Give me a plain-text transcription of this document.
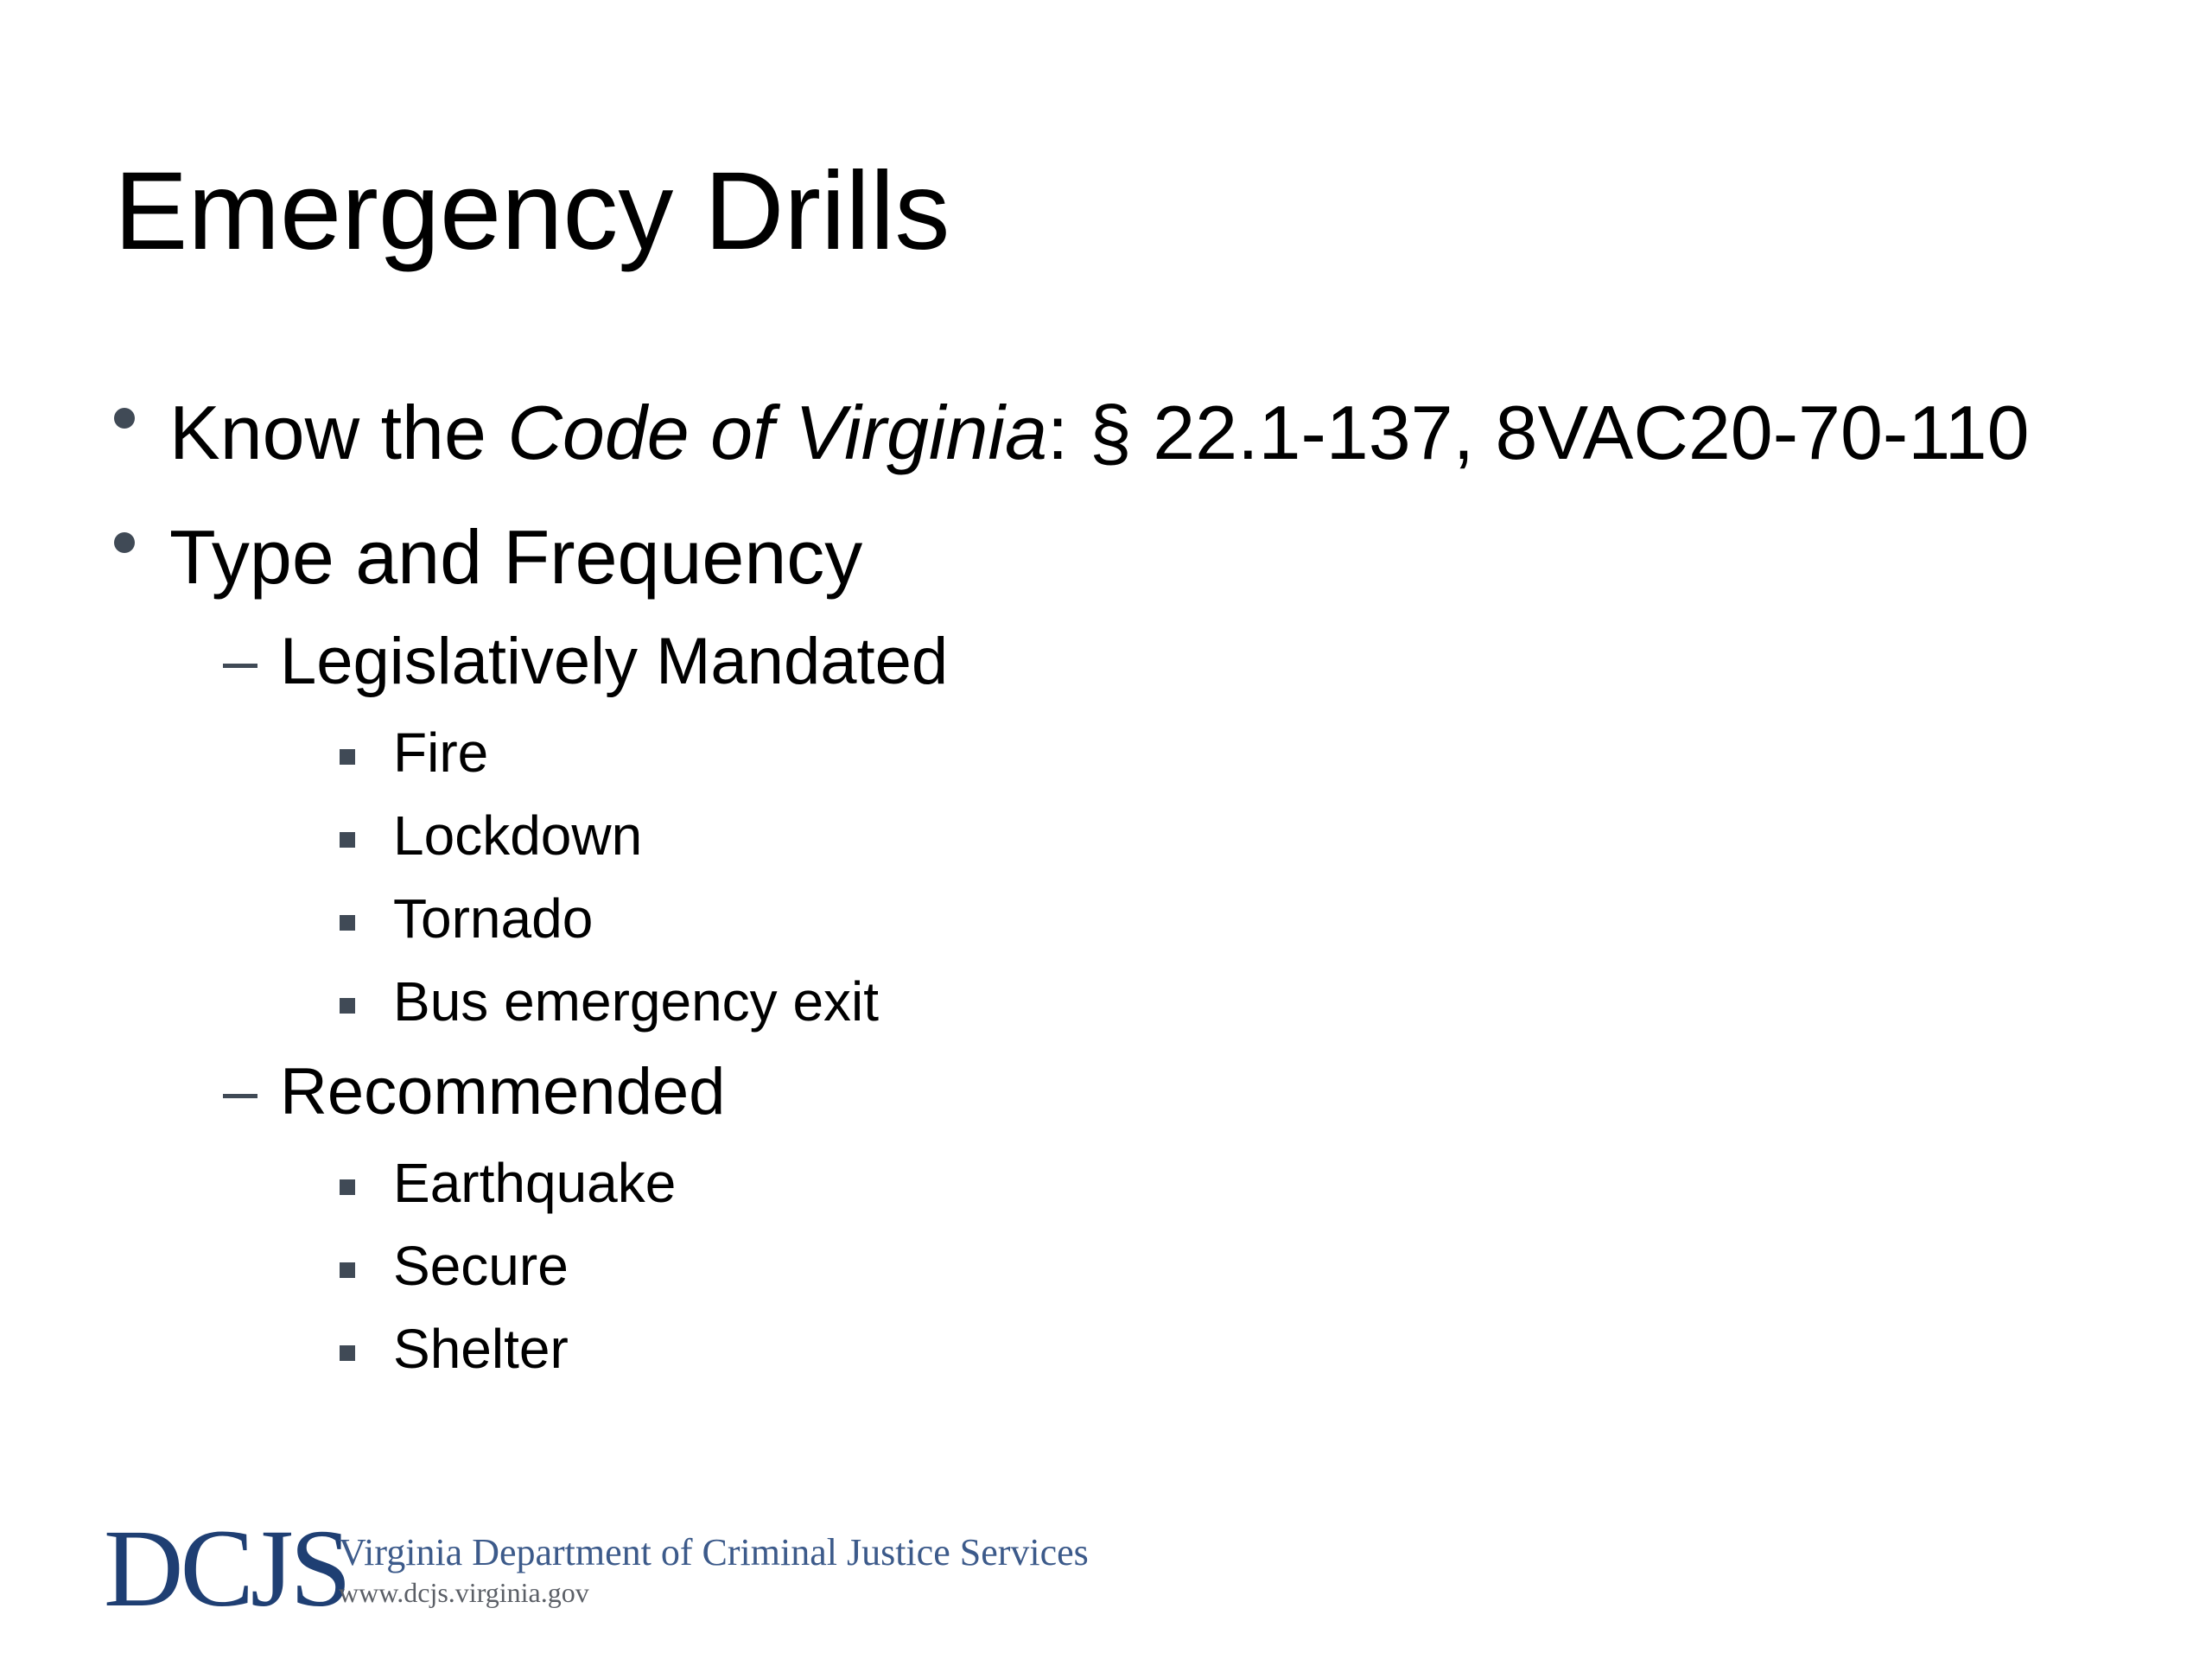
Emergency Drills
Know the Code of Virginia: § 22.1-137, 8VAC20-70-110
Type and Frequency
Legislatively Mandated
Fire
Lockdown
Tornado
Bus emergency exit
Recommended
Earthquake
Secure
Shelter
DCJS
Virginia Department of Criminal Justice Services
www.dcjs.virginia.gov
